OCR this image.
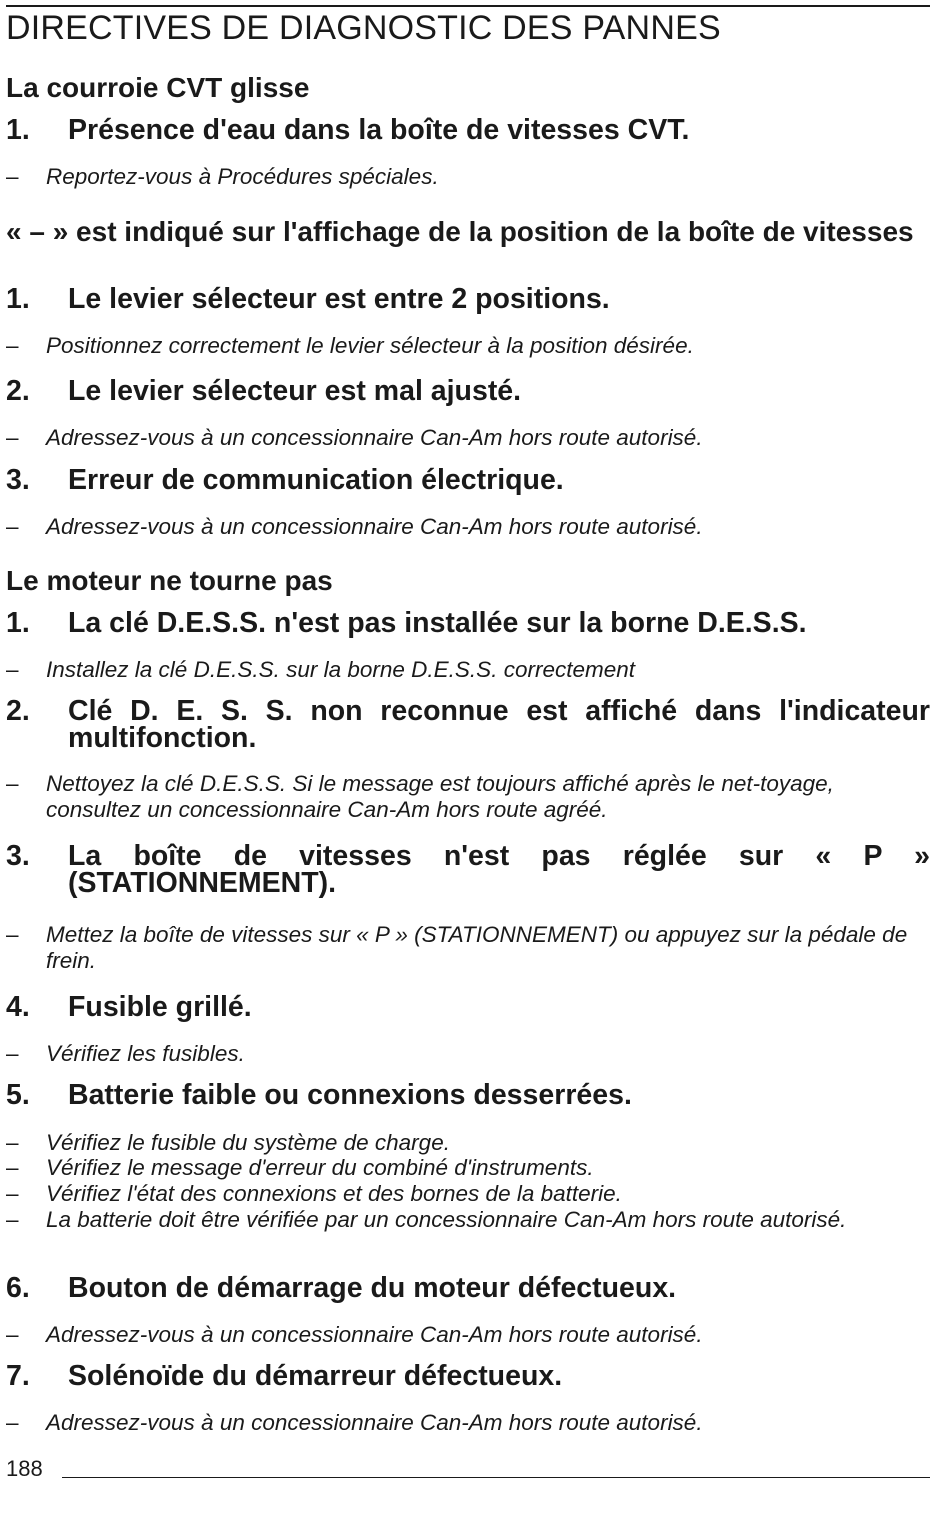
DIRECTIVES DE DIAGNOSTIC DES PANNES
La courroie CVT glisse
1. Présence d'eau dans la boîte de vitesses CVT.
– Reportez-vous à Procédures spéciales.
« – » est indiqué sur l'affichage de la position de la boîte de vitesses
1. Le levier sélecteur est entre 2 positions.
– Positionnez correctement le levier sélecteur à la position désirée.
2. Le levier sélecteur est mal ajusté.
– Adressez-vous à un concessionnaire Can-Am hors route autorisé.
3. Erreur de communication électrique.
– Adressez-vous à un concessionnaire Can-Am hors route autorisé.
Le moteur ne tourne pas
1. La clé D.E.S.S. n'est pas installée sur la borne D.E.S.S.
– Installez la clé D.E.S.S. sur la borne D.E.S.S. correctement
2. Clé D. E. S. S. non reconnue est affiché dans l'indicateur multifonction.
– Nettoyez la clé D.E.S.S. Si le message est toujours affiché après le net-toyage, consultez un concessionnaire Can-Am hors route agréé.
3. La boîte de vitesses n'est pas réglée sur « P » (STATIONNEMENT).
– Mettez la boîte de vitesses sur « P » (STATIONNEMENT) ou appuyez sur la pédale de frein.
4. Fusible grillé.
– Vérifiez les fusibles.
5. Batterie faible ou connexions desserrées.
– Vérifiez le fusible du système de charge.
– Vérifiez le message d'erreur du combiné d'instruments.
– Vérifiez l'état des connexions et des bornes de la batterie.
– La batterie doit être vérifiée par un concessionnaire Can-Am hors route autorisé.
6. Bouton de démarrage du moteur défectueux.
– Adressez-vous à un concessionnaire Can-Am hors route autorisé.
7. Solénoïde du démarreur défectueux.
– Adressez-vous à un concessionnaire Can-Am hors route autorisé.
188
